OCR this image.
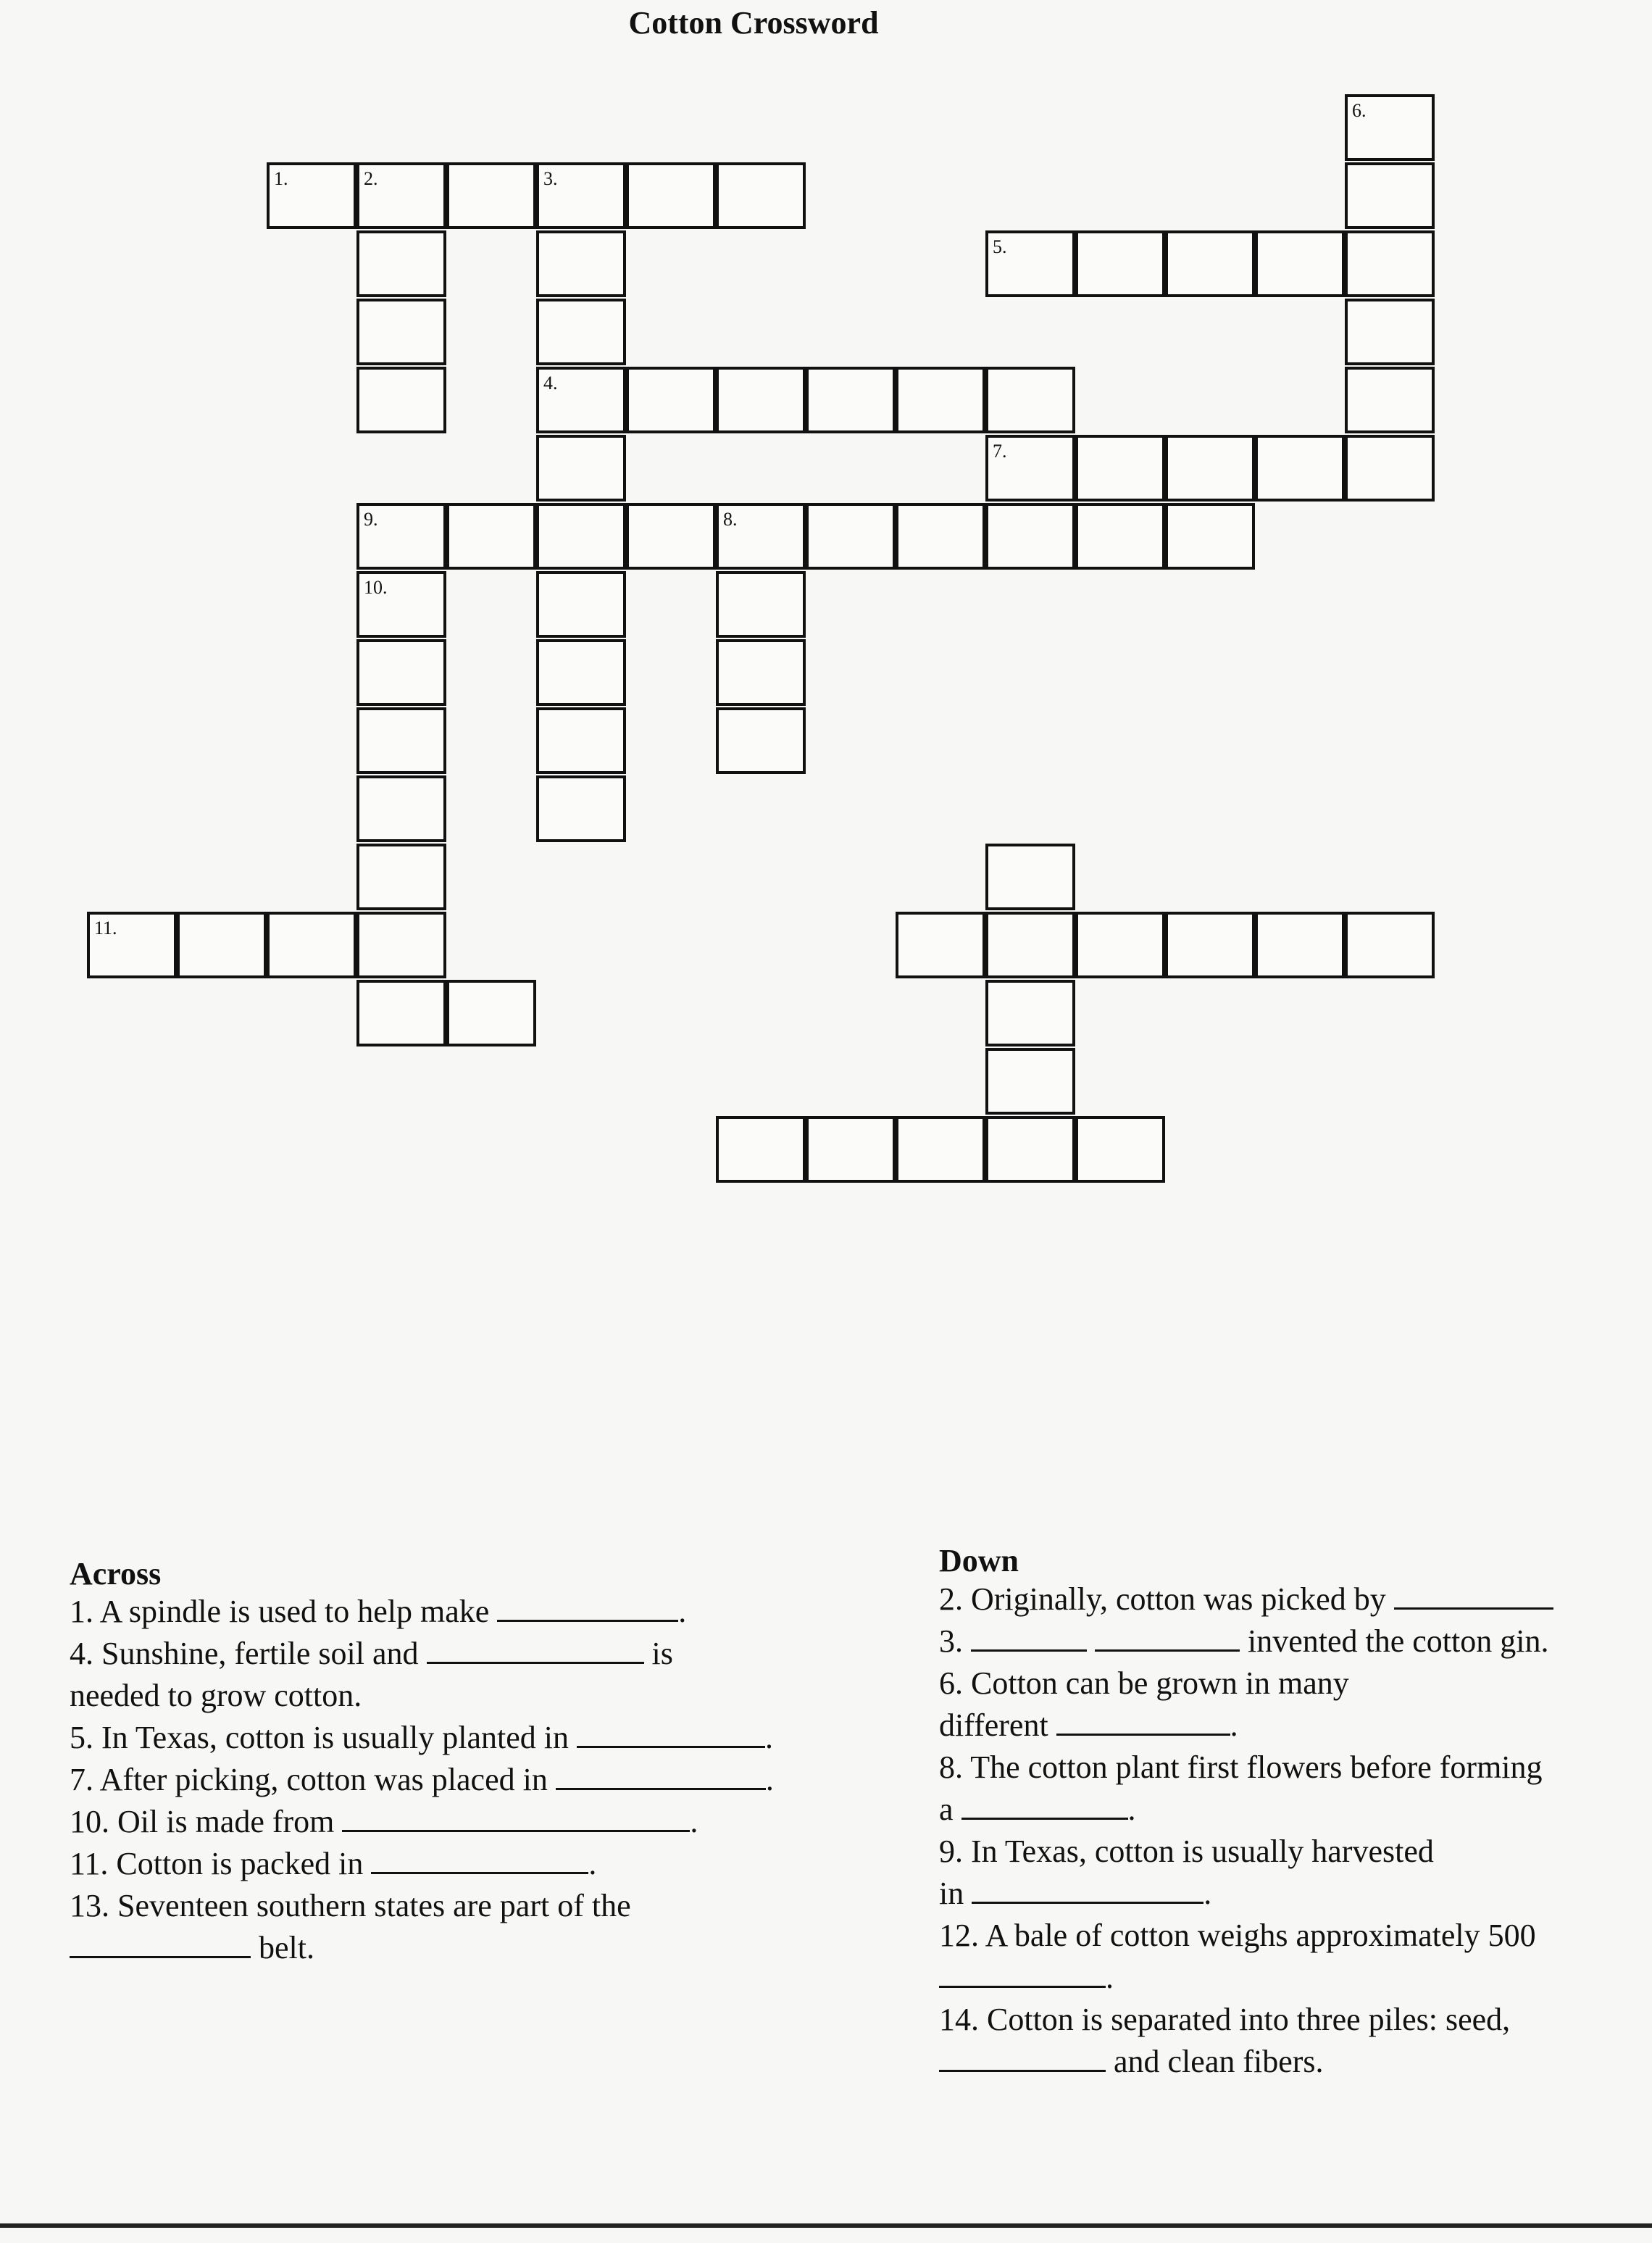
Cotton Crossword
1.	2.	3.
4.
6.
5.
7.
9.
10.
8.
11.
Across
1. A spindle is used to help make	.
4. Sunshine, fertile soil and	is
needed to grow cotton.
5. In Texas, cotton is usually planted in	.
7. After picking, cotton was placed in	.
10. Oil is made from	.
11. Cotton is packed in	.
13. Seventeen southern states are part of the
belt.
Down
2. Originally, cotton was picked by
3.	invented the cotton gin.
6. Cotton can be grown in many
different	.
8. The cotton plant first flowers before forming
a	.
9. In Texas, cotton is usually harvested
in	.
12. A bale of cotton weighs approximately 500
.
14. Cotton is separated into three piles: seed,
and clean fibers.
